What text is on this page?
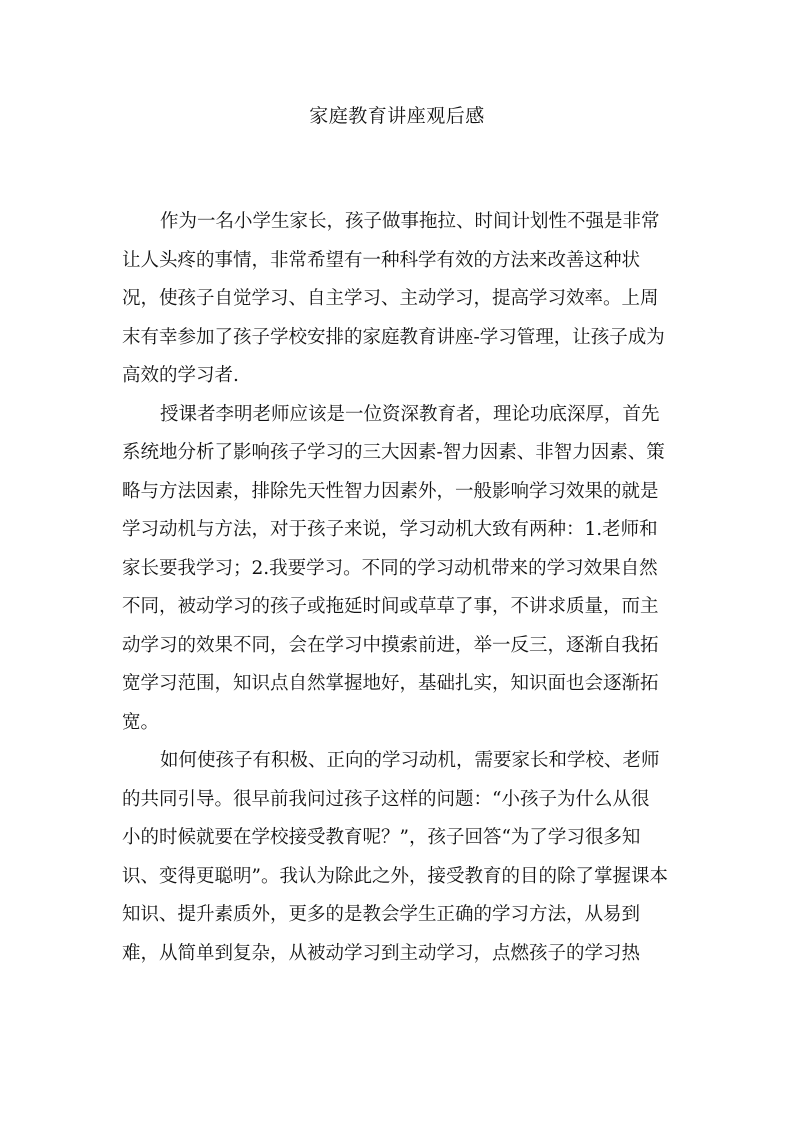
家庭教育讲座观后感
作为一名小学生家长，孩子做事拖拉、时间计划性不强是非常
让人头疼的事情，非常希望有一种科学有效的方法来改善这种状
况，使孩子自觉学习、自主学习、主动学习，提高学习效率。上周
末有幸参加了孩子学校安排的家庭教育讲座-学习管理，让孩子成为
高效的学习者.
授课者李明老师应该是一位资深教育者，理论功底深厚，首先
系统地分析了影响孩子学习的三大因素-智力因素、非智力因素、策
略与方法因素，排除先天性智力因素外，一般影响学习效果的就是
学习动机与方法，对于孩子来说，学习动机大致有两种：1.老师和
家长要我学习；2.我要学习。不同的学习动机带来的学习效果自然
不同，被动学习的孩子或拖延时间或草草了事，不讲求质量，而主
动学习的效果不同，会在学习中摸索前进，举一反三，逐渐自我拓
宽学习范围，知识点自然掌握地好，基础扎实，知识面也会逐渐拓
宽。
如何使孩子有积极、正向的学习动机，需要家长和学校、老师
的共同引导。很早前我问过孩子这样的问题：“小孩子为什么从很
小的时候就要在学校接受教育呢？”，孩子回答“为了学习很多知
识、变得更聪明”。我认为除此之外，接受教育的目的除了掌握课本
知识、提升素质外，更多的是教会学生正确的学习方法，从易到
难，从简单到复杂，从被动学习到主动学习，点燃孩子的学习热
